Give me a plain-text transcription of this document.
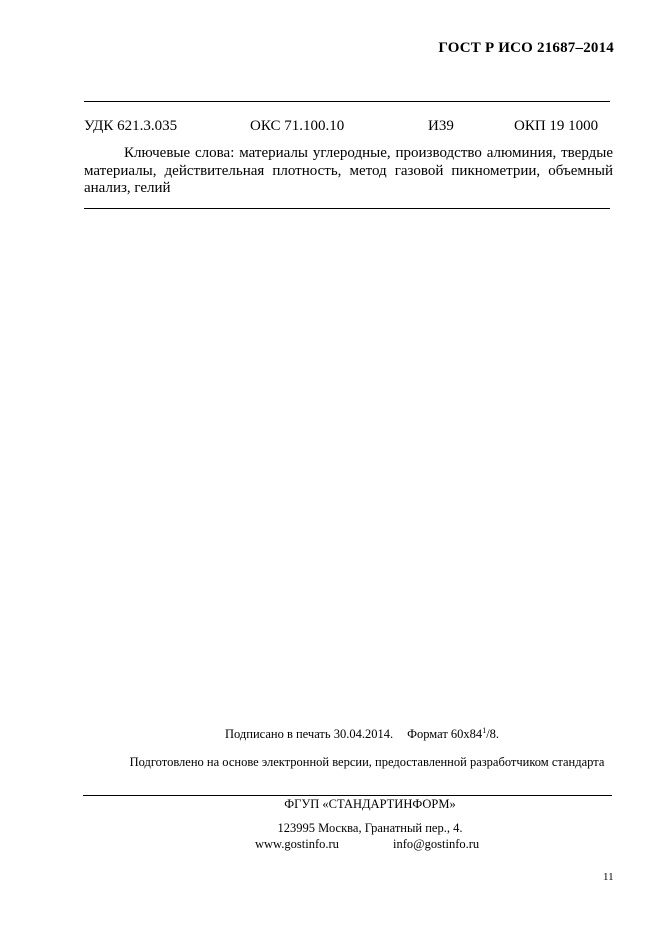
ГОСТ Р ИСО 21687–2014
УДК 621.3.035	ОКС 71.100.10	И39	ОКП 19 1000

Ключевые слова: материалы углеродные, производство алюминия, твердые материалы, действительная плотность, метод газовой пикнометрии, объемный анализ, гелий

Подписано в печать 30.04.2014. Формат $60х84^1/8$.

Подготовлено на основе электронной версии, предоставленной разработчиком стандарта

ФГУП «СТАНДАРТИНФОРМ»
123995 Москва, Гранатный пер., 4.
www.gostinfo.ru	info@gostinfo.ru
11
